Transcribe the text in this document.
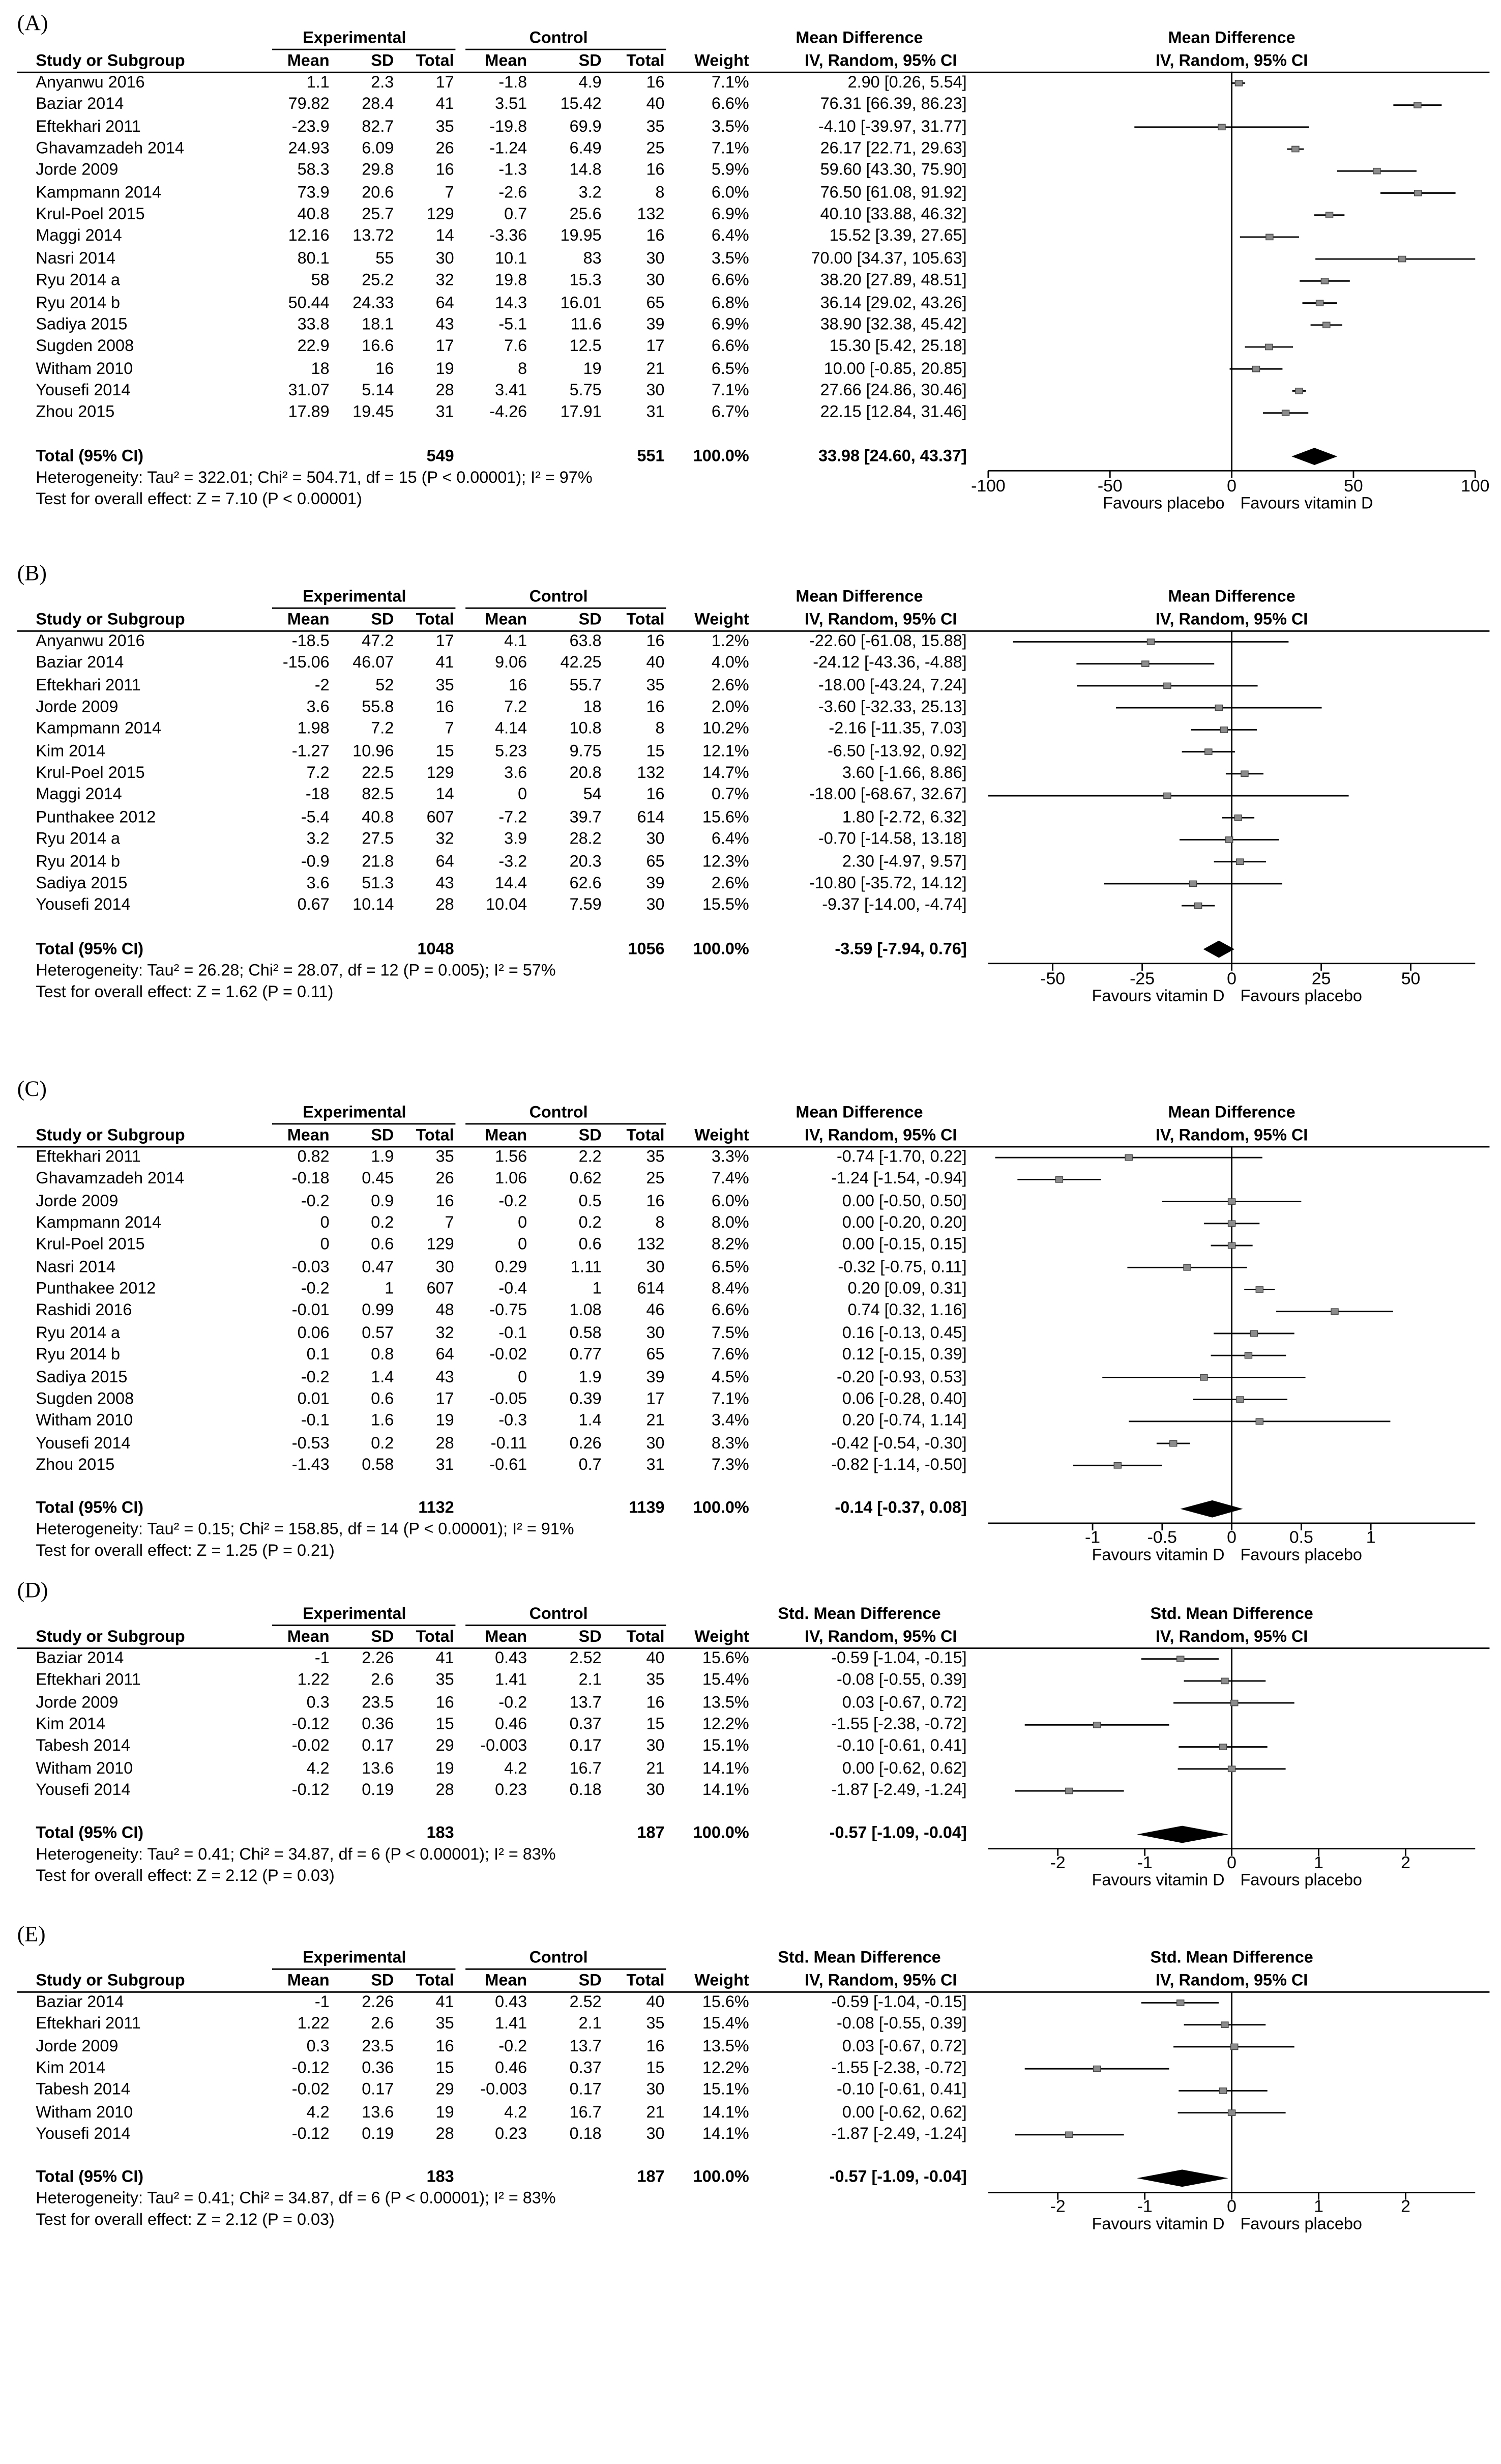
(A)
Experimental	Control	Mean Difference	Mean Difference
Study or Subgroup	Mean	SD	Total	Mean	SD	Total	Weight	IV, Random, 95% CI	IV, Random, 95% CI
Anyanwu 2016	1.1	2.3	17	-1.8	4.9	16	7.1%	2.90 [0.26, 5.54]
Baziar 2014	79.82	28.4	41	3.51	15.42	40	6.6%	76.31 [66.39, 86.23]
Eftekhari 2011	-23.9	82.7	35	-19.8	69.9	35	3.5%	-4.10 [-39.97, 31.77]
Ghavamzadeh 2014	24.93	6.09	26	-1.24	6.49	25	7.1%	26.17 [22.71, 29.63]
Jorde 2009	58.3	29.8	16	-1.3	14.8	16	5.9%	59.60 [43.30, 75.90]
Kampmann 2014	73.9	20.6	7	-2.6	3.2	8	6.0%	76.50 [61.08, 91.92]
Krul-Poel 2015	40.8	25.7	129	0.7	25.6	132	6.9%	40.10 [33.88, 46.32]
Maggi 2014	12.16	13.72	14	-3.36	19.95	16	6.4%	15.52 [3.39, 27.65]
Nasri 2014	80.1	55	30	10.1	83	30	3.5%	70.00 [34.37, 105.63]
Ryu 2014 a	58	25.2	32	19.8	15.3	30	6.6%	38.20 [27.89, 48.51]
Ryu 2014 b	50.44	24.33	64	14.3	16.01	65	6.8%	36.14 [29.02, 43.26]
Sadiya 2015	33.8	18.1	43	-5.1	11.6	39	6.9%	38.90 [32.38, 45.42]
Sugden 2008	22.9	16.6	17	7.6	12.5	17	6.6%	15.30 [5.42, 25.18]
Witham 2010	18	16	19	8	19	21	6.5%	10.00 [-0.85, 20.85]
Yousefi 2014	31.07	5.14	28	3.41	5.75	30	7.1%	27.66 [24.86, 30.46]
Zhou 2015	17.89	19.45	31	-4.26	17.91	31	6.7%	22.15 [12.84, 31.46]
Total (95% CI)	549	551	100.0%	33.98 [24.60, 43.37]
Heterogeneity: Tau² = 322.01; Chi² = 504.71, df = 15 (P < 0.00001); I² = 97%
Test for overall effect: Z = 7.10 (P < 0.00001)
-100	-50	0	50	100
Favours placebo	Favours vitamin D
(B)
Experimental	Control	Mean Difference	Mean Difference
Study or Subgroup	Mean	SD	Total	Mean	SD	Total	Weight	IV, Random, 95% CI	IV, Random, 95% CI
Anyanwu 2016	-18.5	47.2	17	4.1	63.8	16	1.2%	-22.60 [-61.08, 15.88]
Baziar 2014	-15.06	46.07	41	9.06	42.25	40	4.0%	-24.12 [-43.36, -4.88]
Eftekhari 2011	-2	52	35	16	55.7	35	2.6%	-18.00 [-43.24, 7.24]
Jorde 2009	3.6	55.8	16	7.2	18	16	2.0%	-3.60 [-32.33, 25.13]
Kampmann 2014	1.98	7.2	7	4.14	10.8	8	10.2%	-2.16 [-11.35, 7.03]
Kim 2014	-1.27	10.96	15	5.23	9.75	15	12.1%	-6.50 [-13.92, 0.92]
Krul-Poel 2015	7.2	22.5	129	3.6	20.8	132	14.7%	3.60 [-1.66, 8.86]
Maggi 2014	-18	82.5	14	0	54	16	0.7%	-18.00 [-68.67, 32.67]
Punthakee 2012	-5.4	40.8	607	-7.2	39.7	614	15.6%	1.80 [-2.72, 6.32]
Ryu 2014 a	3.2	27.5	32	3.9	28.2	30	6.4%	-0.70 [-14.58, 13.18]
Ryu 2014 b	-0.9	21.8	64	-3.2	20.3	65	12.3%	2.30 [-4.97, 9.57]
Sadiya 2015	3.6	51.3	43	14.4	62.6	39	2.6%	-10.80 [-35.72, 14.12]
Yousefi 2014	0.67	10.14	28	10.04	7.59	30	15.5%	-9.37 [-14.00, -4.74]
Total (95% CI)	1048	1056	100.0%	-3.59 [-7.94, 0.76]
Heterogeneity: Tau² = 26.28; Chi² = 28.07, df = 12 (P = 0.005); I² = 57%
Test for overall effect: Z = 1.62 (P = 0.11)
-50	-25	0	25	50
Favours vitamin D	Favours placebo
(C)
Experimental	Control	Mean Difference	Mean Difference
Study or Subgroup	Mean	SD	Total	Mean	SD	Total	Weight	IV, Random, 95% CI	IV, Random, 95% CI
Eftekhari 2011	0.82	1.9	35	1.56	2.2	35	3.3%	-0.74 [-1.70, 0.22]
Ghavamzadeh 2014	-0.18	0.45	26	1.06	0.62	25	7.4%	-1.24 [-1.54, -0.94]
Jorde 2009	-0.2	0.9	16	-0.2	0.5	16	6.0%	0.00 [-0.50, 0.50]
Kampmann 2014	0	0.2	7	0	0.2	8	8.0%	0.00 [-0.20, 0.20]
Krul-Poel 2015	0	0.6	129	0	0.6	132	8.2%	0.00 [-0.15, 0.15]
Nasri 2014	-0.03	0.47	30	0.29	1.11	30	6.5%	-0.32 [-0.75, 0.11]
Punthakee 2012	-0.2	1	607	-0.4	1	614	8.4%	0.20 [0.09, 0.31]
Rashidi 2016	-0.01	0.99	48	-0.75	1.08	46	6.6%	0.74 [0.32, 1.16]
Ryu 2014 a	0.06	0.57	32	-0.1	0.58	30	7.5%	0.16 [-0.13, 0.45]
Ryu 2014 b	0.1	0.8	64	-0.02	0.77	65	7.6%	0.12 [-0.15, 0.39]
Sadiya 2015	-0.2	1.4	43	0	1.9	39	4.5%	-0.20 [-0.93, 0.53]
Sugden 2008	0.01	0.6	17	-0.05	0.39	17	7.1%	0.06 [-0.28, 0.40]
Witham 2010	-0.1	1.6	19	-0.3	1.4	21	3.4%	0.20 [-0.74, 1.14]
Yousefi 2014	-0.53	0.2	28	-0.11	0.26	30	8.3%	-0.42 [-0.54, -0.30]
Zhou 2015	-1.43	0.58	31	-0.61	0.7	31	7.3%	-0.82 [-1.14, -0.50]
Total (95% CI)	1132	1139	100.0%	-0.14 [-0.37, 0.08]
Heterogeneity: Tau² = 0.15; Chi² = 158.85, df = 14 (P < 0.00001); I² = 91%
Test for overall effect: Z = 1.25 (P = 0.21)
-1	-0.5	0	0.5	1
Favours vitamin D	Favours placebo
(D)
Experimental	Control	Std. Mean Difference	Std. Mean Difference
Study or Subgroup	Mean	SD	Total	Mean	SD	Total	Weight	IV, Random, 95% CI	IV, Random, 95% CI
Baziar 2014	-1	2.26	41	0.43	2.52	40	15.6%	-0.59 [-1.04, -0.15]
Eftekhari 2011	1.22	2.6	35	1.41	2.1	35	15.4%	-0.08 [-0.55, 0.39]
Jorde 2009	0.3	23.5	16	-0.2	13.7	16	13.5%	0.03 [-0.67, 0.72]
Kim 2014	-0.12	0.36	15	0.46	0.37	15	12.2%	-1.55 [-2.38, -0.72]
Tabesh 2014	-0.02	0.17	29	-0.003	0.17	30	15.1%	-0.10 [-0.61, 0.41]
Witham 2010	4.2	13.6	19	4.2	16.7	21	14.1%	0.00 [-0.62, 0.62]
Yousefi 2014	-0.12	0.19	28	0.23	0.18	30	14.1%	-1.87 [-2.49, -1.24]
Total (95% CI)	183	187	100.0%	-0.57 [-1.09, -0.04]
Heterogeneity: Tau² = 0.41; Chi² = 34.87, df = 6 (P < 0.00001); I² = 83%
Test for overall effect: Z = 2.12 (P = 0.03)
-2	-1	0	1	2
Favours vitamin D	Favours placebo
(E)
Experimental	Control	Std. Mean Difference	Std. Mean Difference
Study or Subgroup	Mean	SD	Total	Mean	SD	Total	Weight	IV, Random, 95% CI	IV, Random, 95% CI
Baziar 2014	-1	2.26	41	0.43	2.52	40	15.6%	-0.59 [-1.04, -0.15]
Eftekhari 2011	1.22	2.6	35	1.41	2.1	35	15.4%	-0.08 [-0.55, 0.39]
Jorde 2009	0.3	23.5	16	-0.2	13.7	16	13.5%	0.03 [-0.67, 0.72]
Kim 2014	-0.12	0.36	15	0.46	0.37	15	12.2%	-1.55 [-2.38, -0.72]
Tabesh 2014	-0.02	0.17	29	-0.003	0.17	30	15.1%	-0.10 [-0.61, 0.41]
Witham 2010	4.2	13.6	19	4.2	16.7	21	14.1%	0.00 [-0.62, 0.62]
Yousefi 2014	-0.12	0.19	28	0.23	0.18	30	14.1%	-1.87 [-2.49, -1.24]
Total (95% CI)	183	187	100.0%	-0.57 [-1.09, -0.04]
Heterogeneity: Tau² = 0.41; Chi² = 34.87, df = 6 (P < 0.00001); I² = 83%
Test for overall effect: Z = 2.12 (P = 0.03)
-2	-1	0	1	2
Favours vitamin D	Favours placebo
